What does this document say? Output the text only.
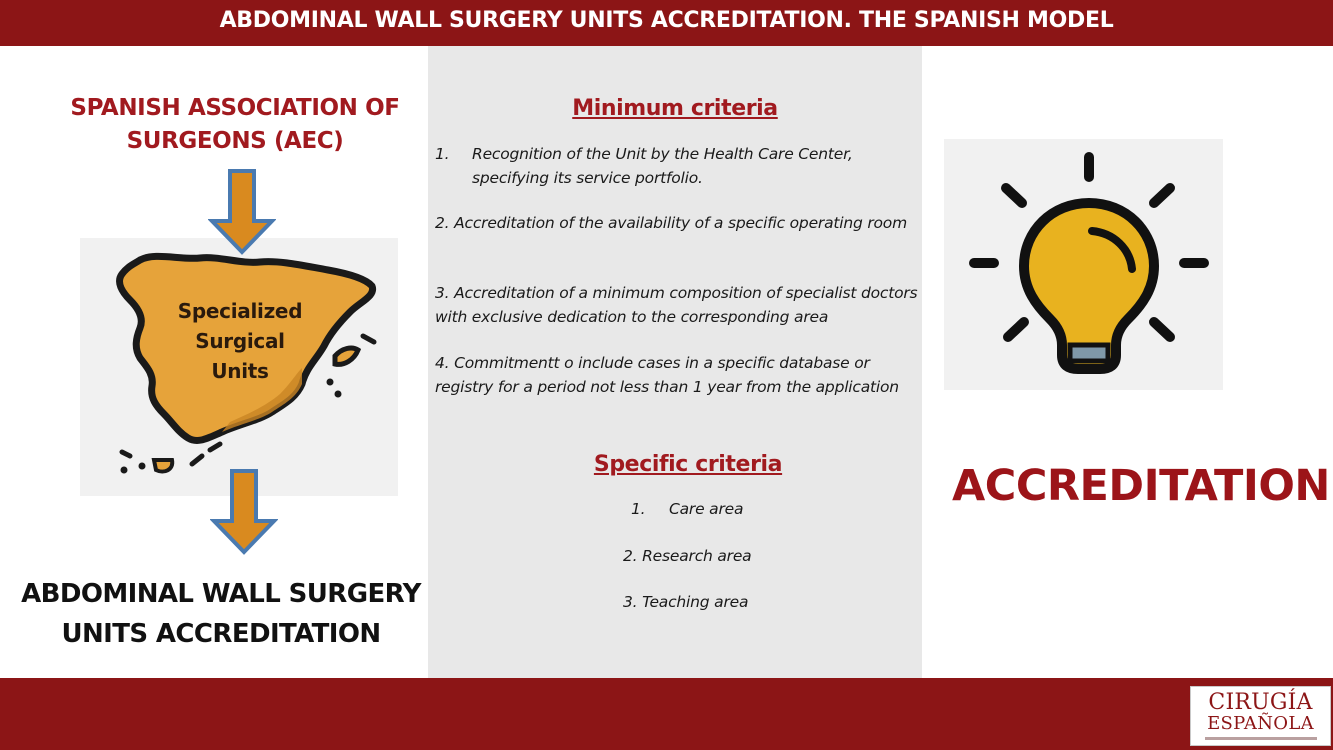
ABDOMINAL WALL SURGERY UNITS ACCREDITATION. THE SPANISH MODEL
SPANISH ASSOCIATION OF
SURGEONS (AEC)
Specialized
Surgical
Units
ABDOMINAL WALL SURGERY
UNITS ACCREDITATION
Minimum criteria
1. Recognition of the Unit by the Health Care Center, specifying its service portfolio.
2. Accreditation of the availability of a specific operating room
3. Accreditation of a minimum composition of specialist doctors with exclusive dedication to the corresponding area
4. Commitmentt o include cases in a specific database or registry for a period not less than 1 year from the application
Specific criteria
1. Care area
2. Research area
3. Teaching area
ACCREDITATION
CIRUGÍA
ESPAÑOLA
